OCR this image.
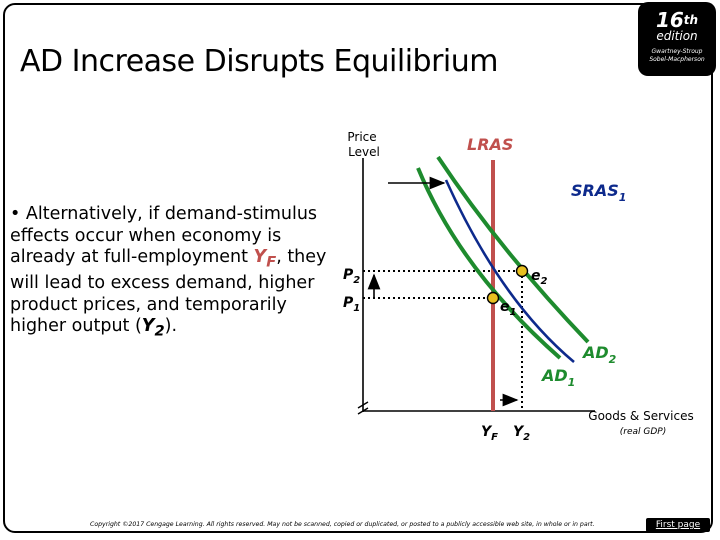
AD Increase Disrupts Equilibrium
16th
edition
Gwartney-Stroup
Sobel-Macpherson
• Alternatively, if demand-stimulus effects occur when economy is already at full-employment $Y_F$, they will lead to excess demand, higher product prices, and temporarily higher output $(Y_2)$.
Price
Level	LRAS
$SRAS_1$
$AD_1$
$AD_2$
$e_2$
$e_1$
$P_2$
$P_1$
$Y_F$ $Y_2$
Goods & Services
(real GDP)
Copyright ©2017 Cengage Learning. All rights reserved. May not be scanned, copied or duplicated, or posted to a publicly accessible web site, in whole or in part.	First page
